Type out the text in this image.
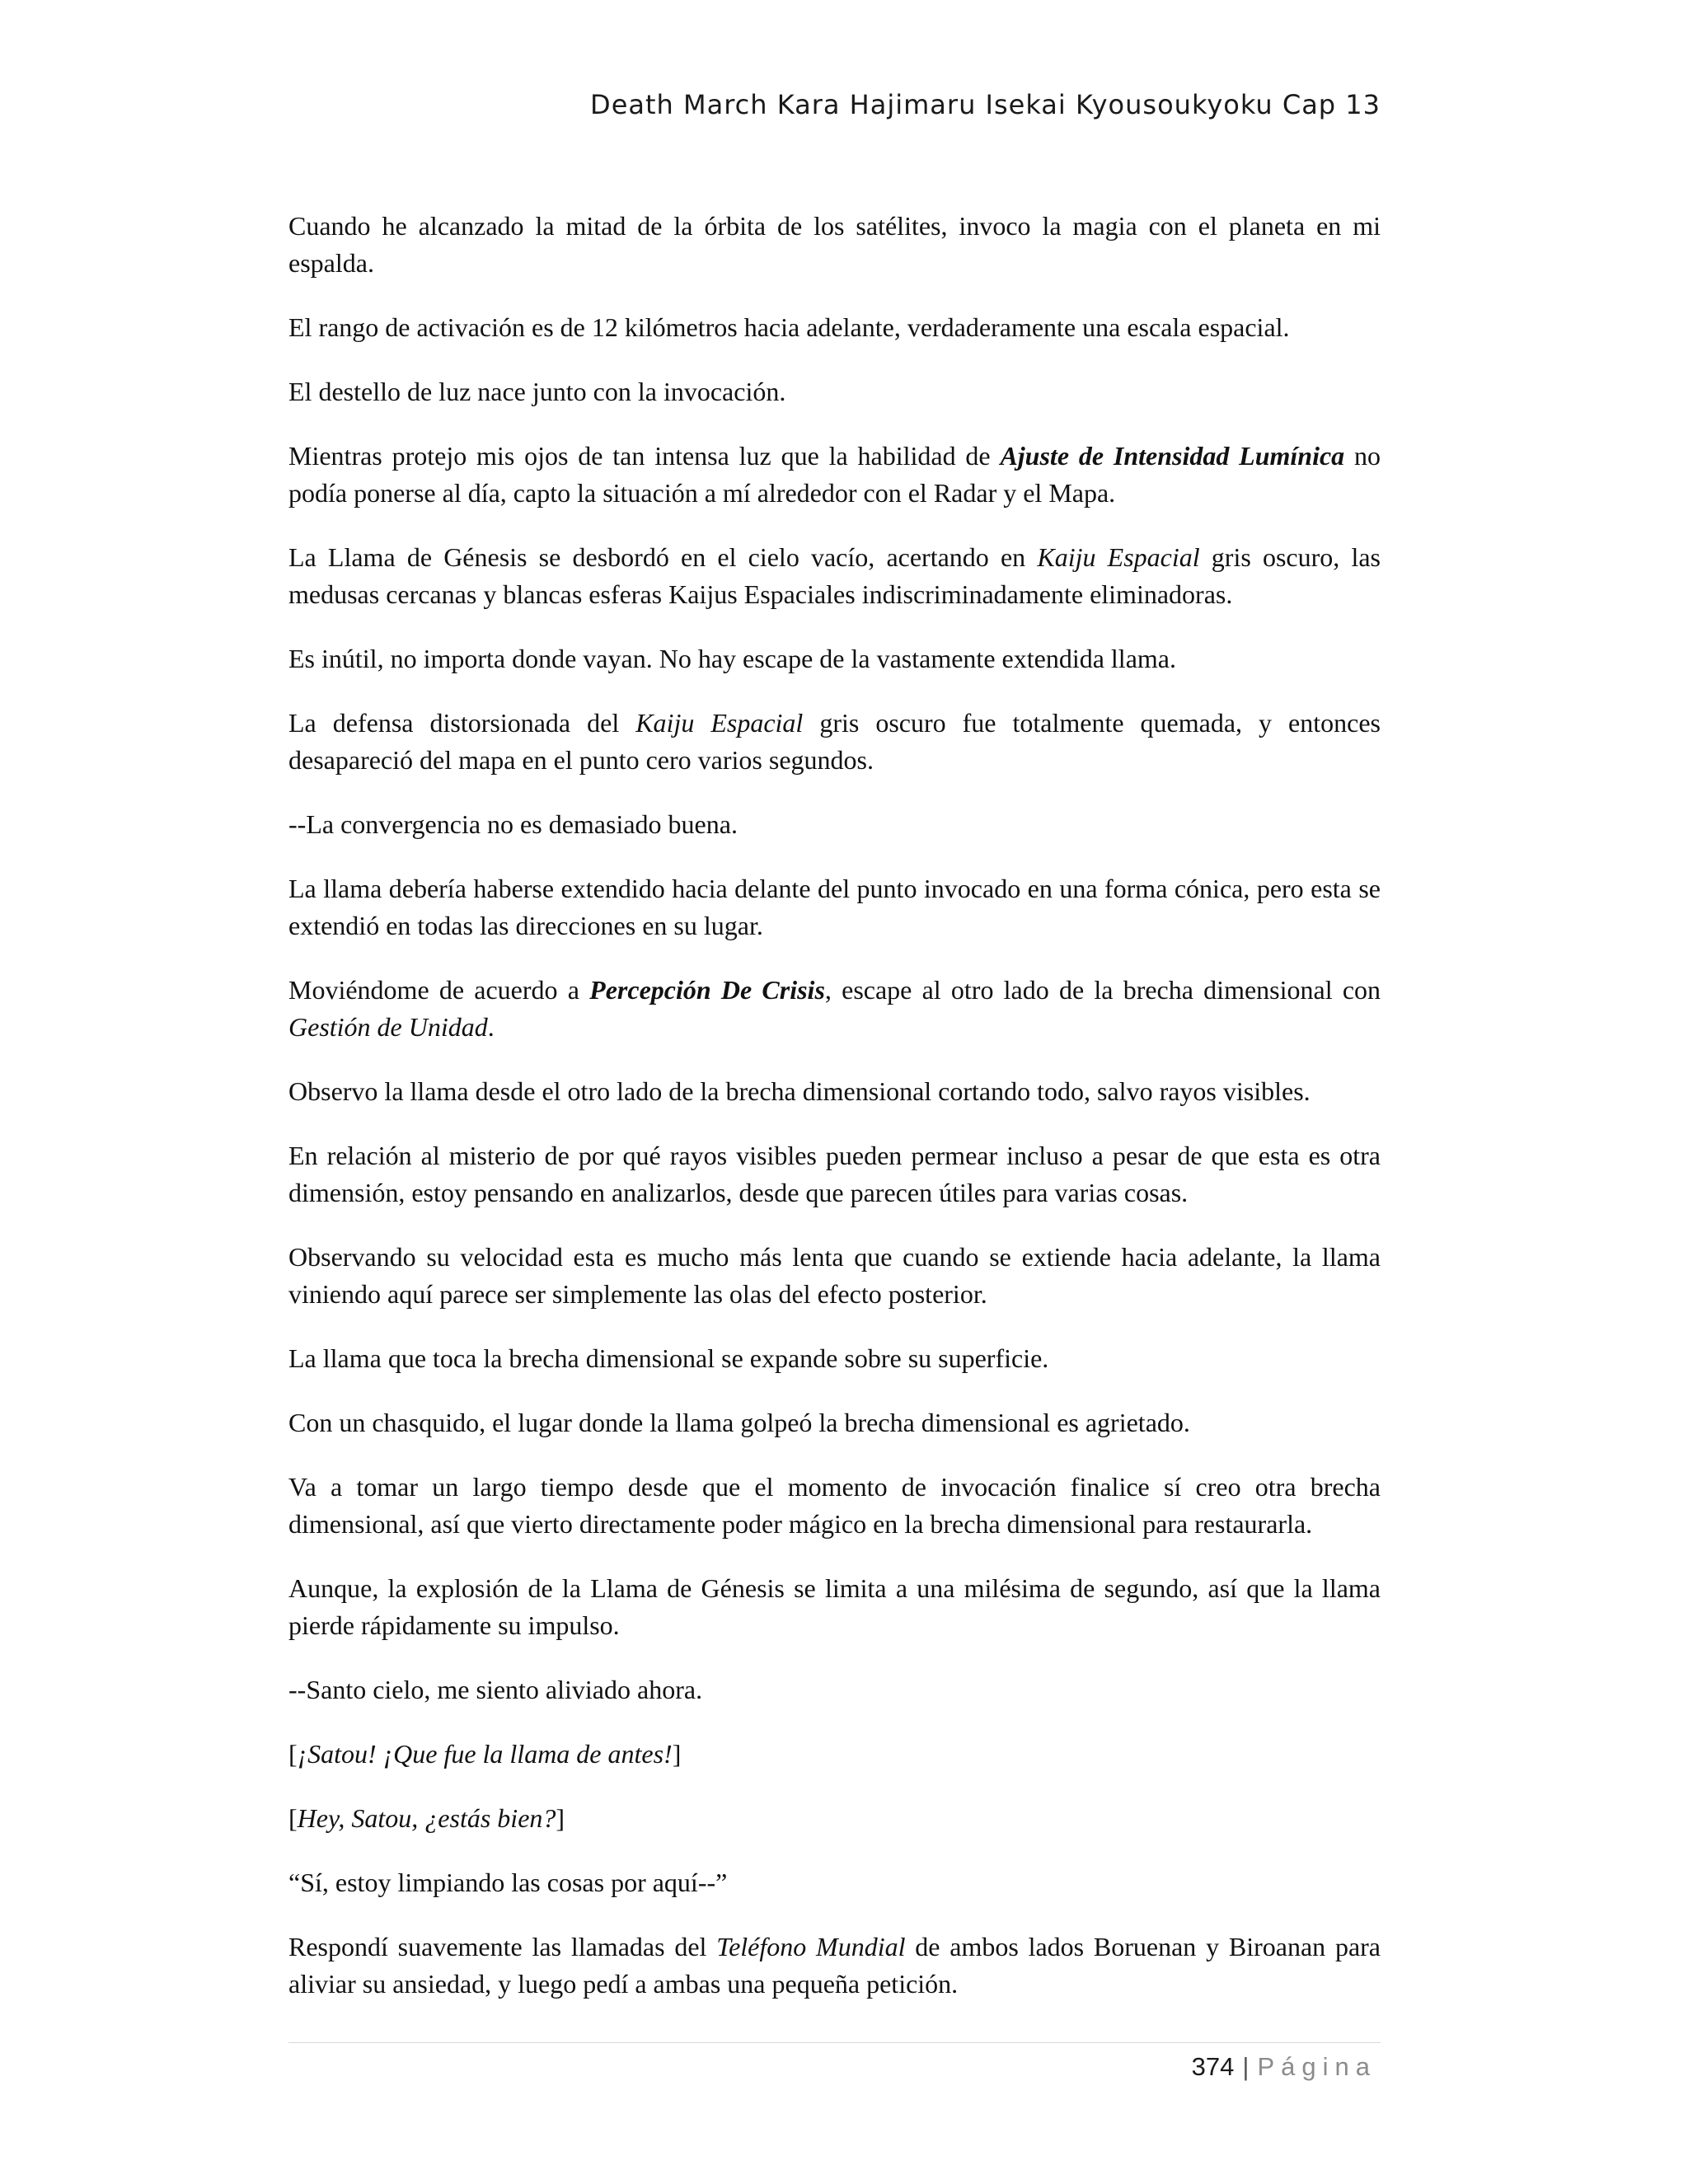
Death March Kara Hajimaru Isekai Kyousoukyoku Cap 13

Cuando he alcanzado la mitad de la órbita de los satélites, invoco la magia con el planeta en mi espalda.

El rango de activación es de 12 kilómetros hacia adelante, verdaderamente una escala espacial.

El destello de luz nace junto con la invocación.

Mientras protejo mis ojos de tan intensa luz que la habilidad de Ajuste de Intensidad Lumínica no podía ponerse al día, capto la situación a mí alrededor con el Radar y el Mapa.

La Llama de Génesis se desbordó en el cielo vacío, acertando en Kaiju Espacial gris oscuro, las medusas cercanas y blancas esferas Kaijus Espaciales indiscriminadamente eliminadoras.

Es inútil, no importa donde vayan. No hay escape de la vastamente extendida llama.

La defensa distorsionada del Kaiju Espacial gris oscuro fue totalmente quemada, y entonces desapareció del mapa en el punto cero varios segundos.

--La convergencia no es demasiado buena.

La llama debería haberse extendido hacia delante del punto invocado en una forma cónica, pero esta se extendió en todas las direcciones en su lugar.

Moviéndome de acuerdo a Percepción De Crisis, escape al otro lado de la brecha dimensional con Gestión de Unidad.

Observo la llama desde el otro lado de la brecha dimensional cortando todo, salvo rayos visibles.

En relación al misterio de por qué rayos visibles pueden permear incluso a pesar de que esta es otra dimensión, estoy pensando en analizarlos, desde que parecen útiles para varias cosas.

Observando su velocidad esta es mucho más lenta que cuando se extiende hacia adelante, la llama viniendo aquí parece ser simplemente las olas del efecto posterior.

La llama que toca la brecha dimensional se expande sobre su superficie.

Con un chasquido, el lugar donde la llama golpeó la brecha dimensional es agrietado.

Va a tomar un largo tiempo desde que el momento de invocación finalice sí creo otra brecha dimensional, así que vierto directamente poder mágico en la brecha dimensional para restaurarla.

Aunque, la explosión de la Llama de Génesis se limita a una milésima de segundo, así que la llama pierde rápidamente su impulso.

--Santo cielo, me siento aliviado ahora.

[¡Satou! ¡Que fue la llama de antes!]

[Hey, Satou, ¿estás bien?]

“Sí, estoy limpiando las cosas por aquí--”

Respondí suavemente las llamadas del Teléfono Mundial de ambos lados Boruenan y Biroanan para aliviar su ansiedad, y luego pedí a ambas una pequeña petición.

374 | Página
